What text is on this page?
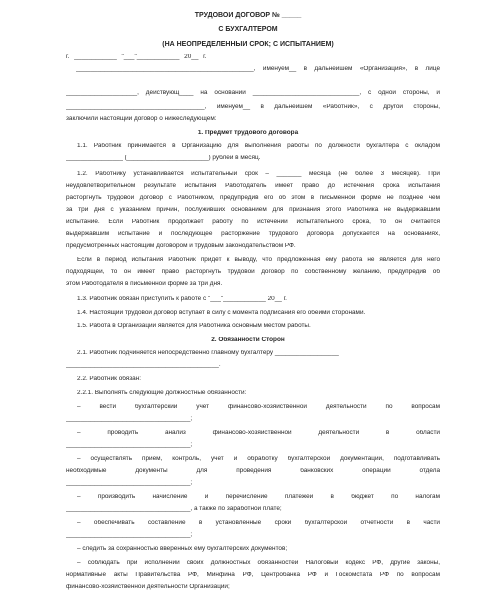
ТРУДОВОЙ ДОГОВОР № _____
С БУХГАЛТЕРОМ
(НА НЕОПРЕДЕЛЕННЫЙ СРОК; С ИСПЫТАНИЕМ)
г. ____________ "___"____________ 20__ г.
__________________________________________________, именуем__ в дальнейшем «Организация», в лице
____________________, действующ____ на основании ______________________________, с одной стороны, и
_______________________________________, именуем__ в дальнейшем «Работник», с другой стороны,
заключили настоящий договор о нижеследующем:
1. Предмет трудового договора
1.1. Работник принимается в Организацию для выполнения работы по должности бухгалтера с окладом
________________ (_______________________) рублей в месяц.
1.2. Работнику устанавливается испытательный срок – _______ месяца (не более 3 месяцев). При
неудовлетворительном результате испытания Работодатель имеет право до истечения срока испытания
расторгнуть трудовой договор с Работником, предупредив его об этом в письменной форме не позднее чем
за три дня с указанием причин, послуживших основанием для признания этого Работника не выдержавшим
испытание. Если Работник продолжает работу по истечении испытательного срока, то он считается
выдержавшим испытание и последующее расторжение трудового договора допускается на основаниях,
предусмотренных настоящим договором и трудовым законодательством РФ.
Если в период испытания Работник придёт к выводу, что предложенная ему работа не является для него
подходящей, то он имеет право расторгнуть трудовой договор по собственному желанию, предупредив об
этом Работодателя в письменной форме за три дня.
1.3. Работник обязан приступить к работе с "___"____________ 20__ г.
1.4. Настоящий трудовой договор вступает в силу с момента подписания его обеими сторонами.
1.5. Работа в Организации является для Работника основным местом работы.
2. Обязанности Сторон
2.1. Работник подчиняется непосредственно главному бухгалтеру __________________
___________________________________________.
2.2. Работник обязан:
2.2.1. Выполнять следующие должностные обязанности:
– вести бухгалтерский учет финансово-хозяйственной деятельности по вопросам
___________________________________;
– проводить анализ финансово-хозяйственной деятельности в области
___________________________________;
– осуществлять прием, контроль, учет и обработку бухгалтерской документации, подготавливать
необходимые документы для проведения банковских операций отдела
___________________________________;
– производить начисление и перечисление платежей в бюджет по налогам
___________________________________, а также по заработной плате;
– обеспечивать составление в установленные сроки бухгалтерской отчетности в части
___________________________________;
– следить за сохранностью вверенных ему бухгалтерских документов;
– соблюдать при исполнении своих должностных обязанностей Налоговый кодекс РФ, другие законы,
нормативные акты Правительства РФ, Минфина РФ, Центробанка РФ и Госкомстата РФ по вопросам
финансово-хозяйственной деятельности Организации;
